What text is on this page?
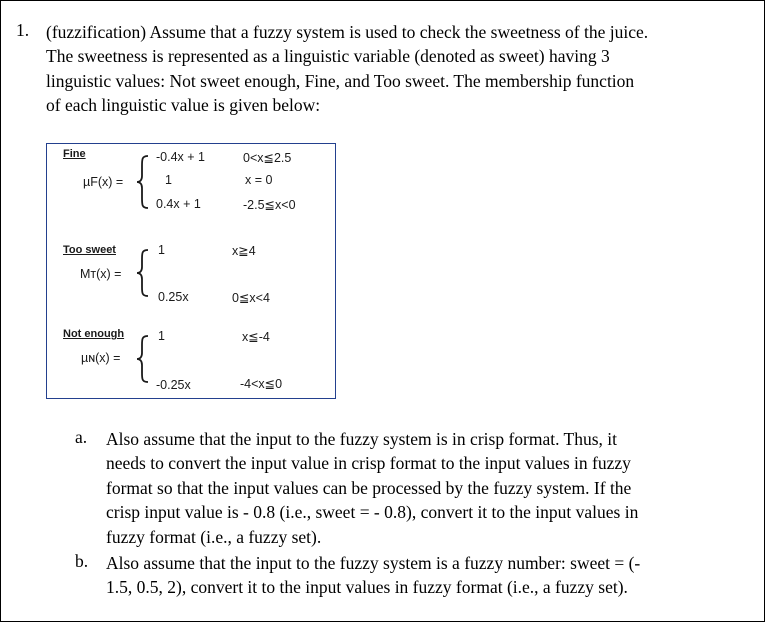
1. (fuzzification) Assume that a fuzzy system is used to check the sweetness of the juice.
The sweetness is represented as a linguistic variable (denoted as sweet) having 3
linguistic values: Not sweet enough, Fine, and Too sweet. The membership function
of each linguistic value is given below:
Fine
µF(x) =
-0.4x + 1	0<x≦2.5
1	x = 0
0.4x + 1	-2.5≦x<0
Too sweet
Mᴛ(x) =
1	x≧4
0.25x	0≦x<4
Not enough
µɴ(x) =
1	x≦-4
-0.25x	-4<x≦0
a. Also assume that the input to the fuzzy system is in crisp format. Thus, it
needs to convert the input value in crisp format to the input values in fuzzy
format so that the input values can be processed by the fuzzy system. If the
crisp input value is - 0.8 (i.e., sweet = - 0.8), convert it to the input values in
fuzzy format (i.e., a fuzzy set).
b. Also assume that the input to the fuzzy system is a fuzzy number: sweet = (-
1.5, 0.5, 2), convert it to the input values in fuzzy format (i.e., a fuzzy set).
